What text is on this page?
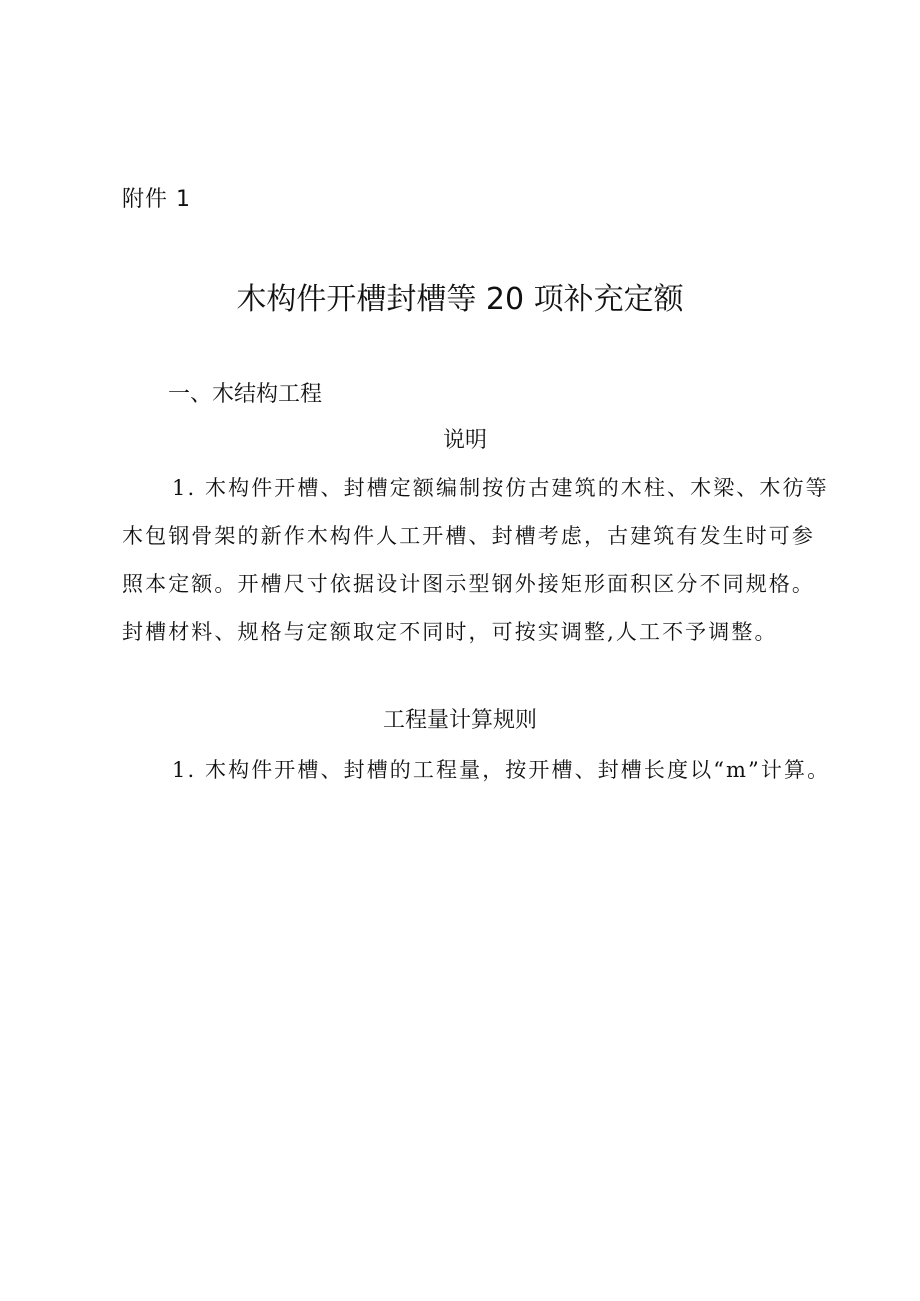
附件 1
木构件开槽封槽等 20 项补充定额
一、木结构工程
说明
1. 木构件开槽、封槽定额编制按仿古建筑的木柱、木梁、木彷等
木包钢骨架的新作木构件人工开槽、封槽考虑，古建筑有发生时可参
照本定额。开槽尺寸依据设计图示型钢外接矩形面积区分不同规格。
封槽材料、规格与定额取定不同时，可按实调整,人工不予调整。
工程量计算规则
1. 木构件开槽、封槽的工程量，按开槽、封槽长度以“m”计算。
